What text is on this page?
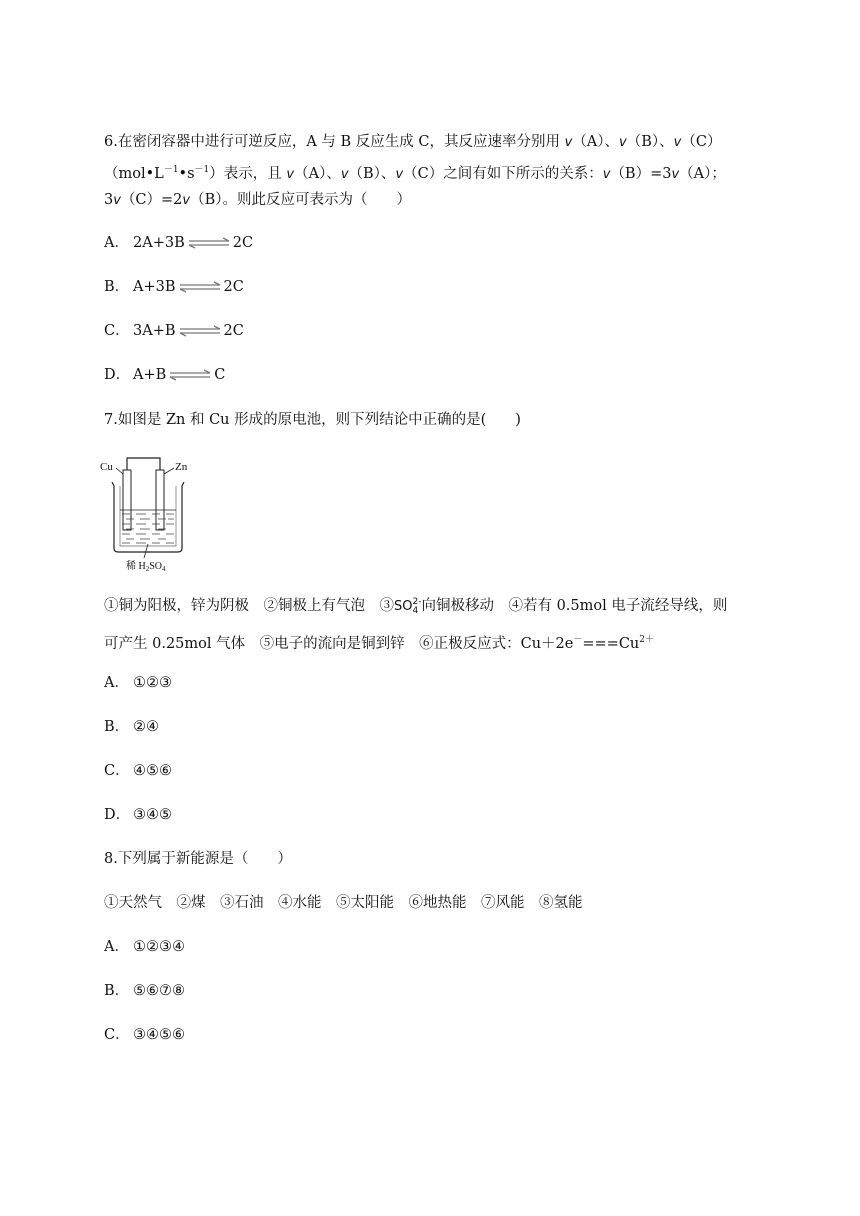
6.在密闭容器中进行可逆反应，A 与 B 反应生成 C，其反应速率分别用 v（A）、v（B）、v（C）
$(mol•L^{-1}•s^{-1})$表示，且 v（A）、v（B）、v（C）之间有如下所示的关系：v（B）=3v（A）；
3v（C）=2v（B）。则此反应可表示为（　　）
A． 2A+3B ⇌ 2C
B． A+3B ⇌ 2C
C． 3A+B ⇌ 2C
D． A+B ⇌ C
7.如图是 Zn 和 Cu 形成的原电池，则下列结论中正确的是(　　)
Cu	Zn
稀 $H_2SO_4$
①铜为阳极，锌为阴极　②铜极上有气泡　③SO2-
4 向铜极移动　④若有 0.5mol 电子流经导线，则
可产生 0.25mol 气体　⑤电子的流向是铜到锌　⑥正极反应式：$Cu+2e^-===Cu^{2+}$
A． ①②③
B． ②④
C． ④⑤⑥
D． ③④⑤
8.下列属于新能源是（　　）
①天然气　②煤　③石油　④水能　⑤太阳能　⑥地热能　⑦风能　⑧氢能
A． ①②③④
B． ⑤⑥⑦⑧
C． ③④⑤⑥
